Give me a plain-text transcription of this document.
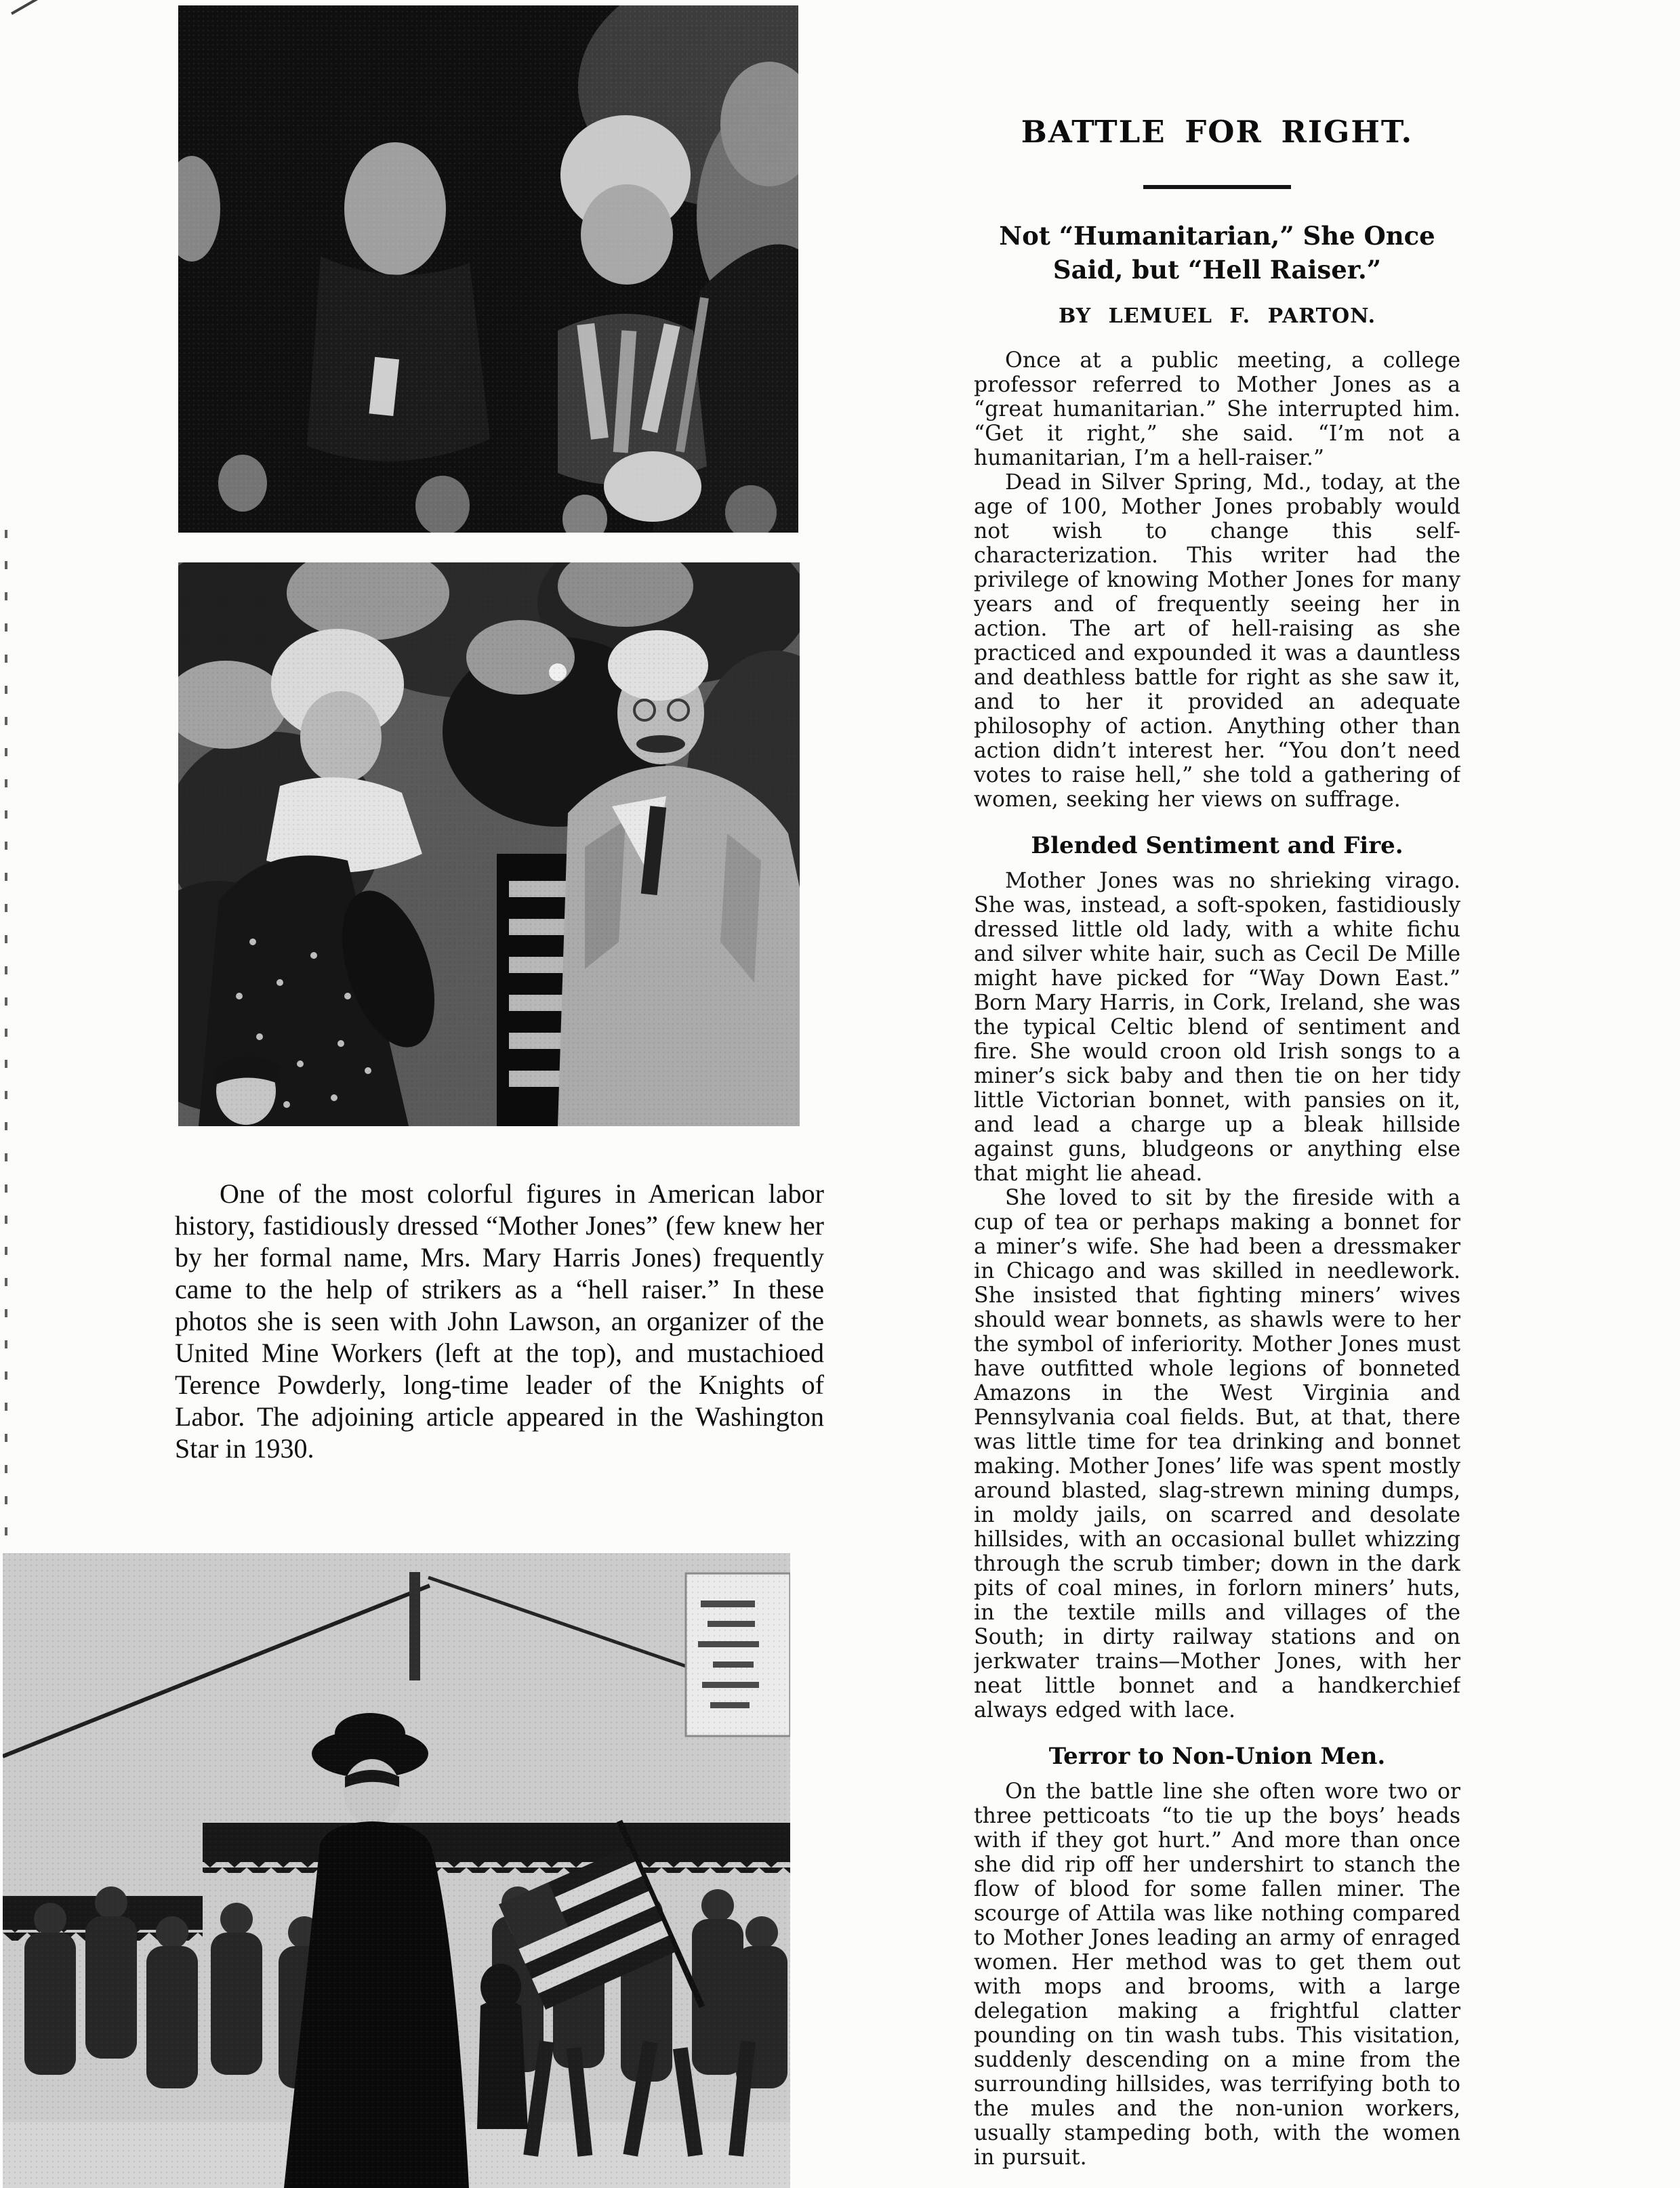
One of the most colorful figures in American labor history, fastidiously dressed “Mother Jones” (few knew her by her formal name, Mrs. Mary Harris Jones) frequently came to the help of strikers as a “hell raiser.” In these photos she is seen with John Lawson, an organizer of the United Mine Workers (left at the top), and mustachioed Terence Powderly, long-time leader of the Knights of Labor. The adjoining article appeared in the Washington Star in 1930.

BATTLE FOR RIGHT.
Not “Humanitarian,” She Once Said, but “Hell Raiser.”
BY LEMUEL F. PARTON.

Once at a public meeting, a college professor referred to Mother Jones as a “great humanitarian.” She interrupted him. “Get it right,” she said. “I’m not a humanitarian, I’m a hell-raiser.”

Dead in Silver Spring, Md., today, at the age of 100, Mother Jones probably would not wish to change this self-characterization. This writer had the privilege of knowing Mother Jones for many years and of frequently seeing her in action. The art of hell-raising as she practiced and expounded it was a dauntless and deathless battle for right as she saw it, and to her it provided an adequate philosophy of action. Anything other than action didn’t interest her. “You don’t need votes to raise hell,” she told a gathering of women, seeking her views on suffrage.

Blended Sentiment and Fire.

Mother Jones was no shrieking virago. She was, instead, a soft-spoken, fastidiously dressed little old lady, with a white fichu and silver white hair, such as Cecil De Mille might have picked for “Way Down East.” Born Mary Harris, in Cork, Ireland, she was the typical Celtic blend of sentiment and fire. She would croon old Irish songs to a miner’s sick baby and then tie on her tidy little Victorian bonnet, with pansies on it, and lead a charge up a bleak hillside against guns, bludgeons or anything else that might lie ahead.

She loved to sit by the fireside with a cup of tea or perhaps making a bonnet for a miner’s wife. She had been a dressmaker in Chicago and was skilled in needlework. She insisted that fighting miners’ wives should wear bonnets, as shawls were to her the symbol of inferiority. Mother Jones must have outfitted whole legions of bonneted Amazons in the West Virginia and Pennsylvania coal fields. But, at that, there was little time for tea drinking and bonnet making. Mother Jones’ life was spent mostly around blasted, slag-strewn mining dumps, in moldy jails, on scarred and desolate hillsides, with an occasional bullet whizzing through the scrub timber; down in the dark pits of coal mines, in forlorn miners’ huts, in the textile mills and villages of the South; in dirty railway stations and on jerkwater trains—Mother Jones, with her neat little bonnet and a handkerchief always edged with lace.

Terror to Non-Union Men.

On the battle line she often wore two or three petticoats “to tie up the boys’ heads with if they got hurt.” And more than once she did rip off her undershirt to stanch the flow of blood for some fallen miner. The scourge of Attila was like nothing compared to Mother Jones leading an army of enraged women. Her method was to get them out with mops and brooms, with a large delegation making a frightful clatter pounding on tin wash tubs. This visitation, suddenly descending on a mine from the surrounding hillsides, was terrifying both to the mules and the non-union workers, usually stampeding both, with the women in pursuit.
